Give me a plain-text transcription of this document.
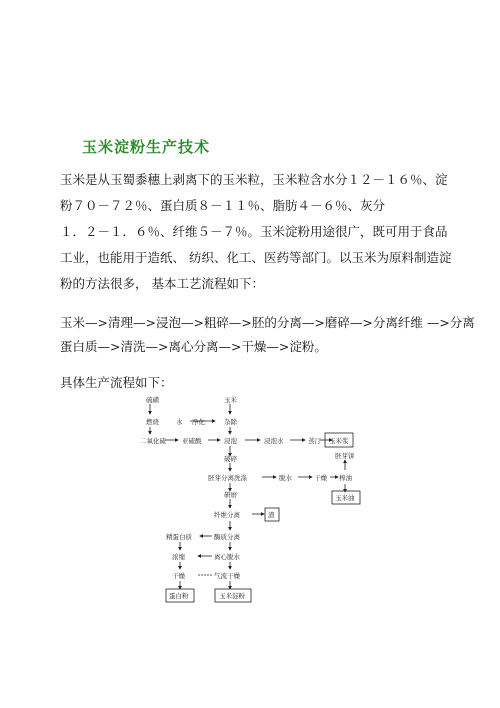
玉米淀粉生产技术
玉米是从玉蜀黍穗上剥离下的玉米粒，玉米粒含水分１２－１６％、淀
粉７０－７２％、蛋白质８－１１％、脂肪４－６％、灰分
１．２－１．６％、纤维５－７％。玉米淀粉用途很广，既可用于食品
工业，也能用于造纸、 纺织、化工、医药等部门。以玉米为原料制造淀
粉的方法很多， 基本工艺流程如下：
玉米—>清理—>浸泡—>粗碎—>胚的分离—>磨碎—>分离纤维 —>分离
蛋白质—>清洗—>离心分离—>干燥—>淀粉。
具体生产流程如下：
硫磺	玉米
燃烧	水 净化	杂除
二氧化硫 亚硫酸	浸泡	浸泡水	蒸汀 玉米浆
破碎	胚芽饼
胚芽分离洗涤	脱水	干燥 榨油
玉米油
研磨
纤维分离	渣
精蛋白质	酶质分离
浓缩	离心脱水
干燥	气流干燥
蛋白粉	玉米淀粉
